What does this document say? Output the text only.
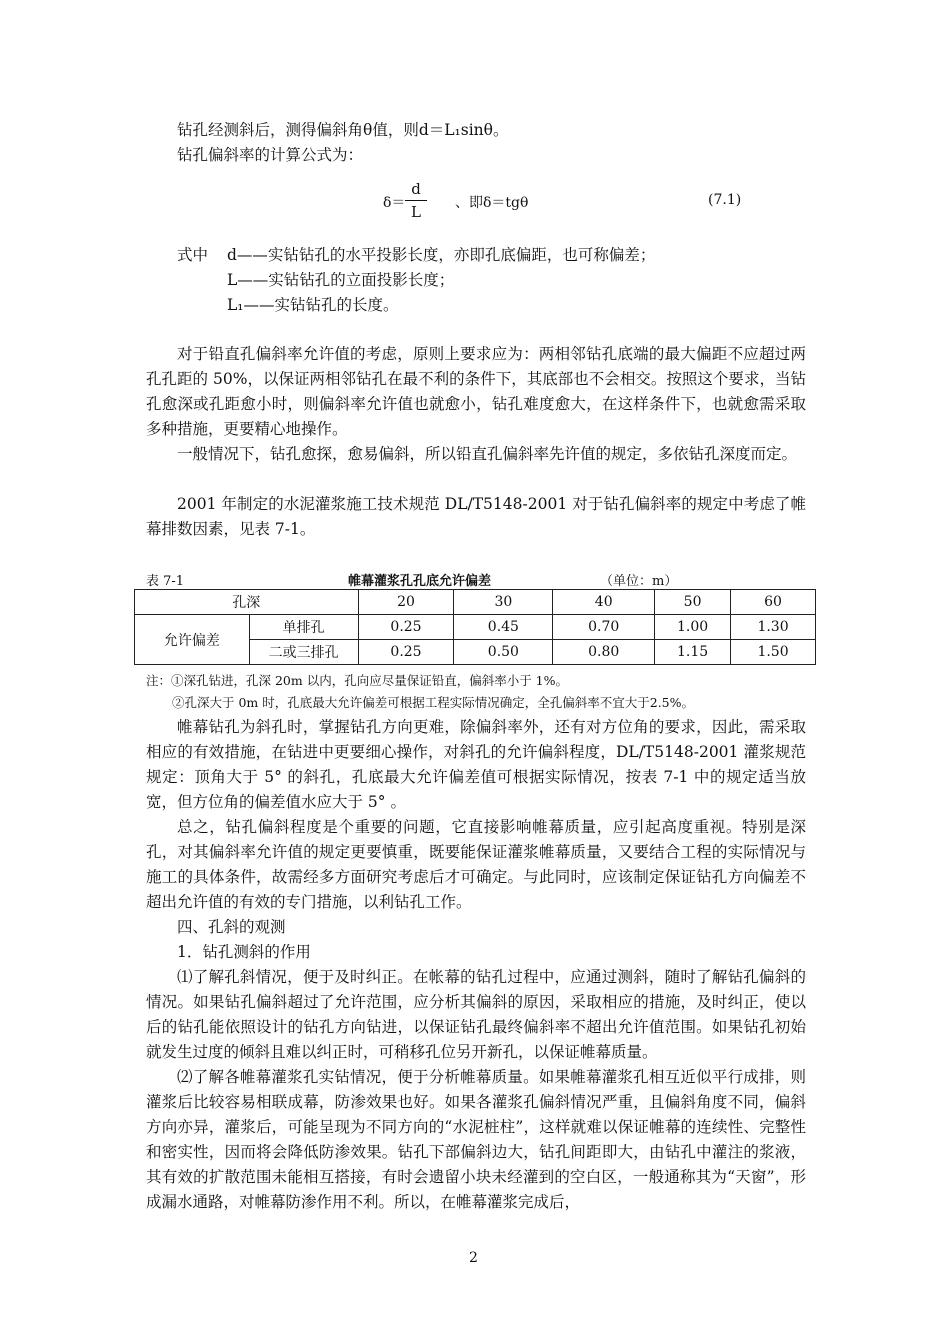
钻孔经测斜后，测得偏斜角θ值，则d＝L₁sinθ。
钻孔偏斜率的计算公式为：
δ＝
d
L	、即δ＝tgθ	(7.1)
式中 d——实钻钻孔的水平投影长度，亦即孔底偏距，也可称偏差；
L——实钻钻孔的立面投影长度；
L₁——实钻钻孔的长度。
对于铅直孔偏斜率允许值的考虑，原则上要求应为：两相邻钻孔底端的最大偏距不应超过两孔孔距的 50%，以保证两相邻钻孔在最不利的条件下，其底部也不会相交。按照这个要求，当钻孔愈深或孔距愈小时，则偏斜率允许值也就愈小，钻孔难度愈大，在这样条件下，也就愈需采取多种措施，更要精心地操作。
一般情况下，钻孔愈探，愈易偏斜，所以铅直孔偏斜率先许值的规定，多依钻孔深度而定。
2001 年制定的水泥灌浆施工技术规范 DL/T5148-2001 对于钻孔偏斜率的规定中考虑了帷幕排数因素，见表 7-1。
表 7-1	帷幕灌浆孔孔底允许偏差	（单位：m）
孔深		20	30	40	50	60
允许偏差	单排孔	0.25	0.45	0.70	1.00	1.30
	二或三排孔	0.25	0.50	0.80	1.15	1.50
注：①深孔钻进，孔深 20m 以内，孔向应尽量保证铅直，偏斜率小于 1%。
②孔深大于 0m 时，孔底最大允许偏差可根据工程实际情况确定，全孔偏斜率不宜大于2.5%。
帷幕钻孔为斜孔时，掌握钻孔方向更难，除偏斜率外，还有对方位角的要求，因此，需采取相应的有效措施，在钻进中更要细心操作，对斜孔的允许偏斜程度，DL/T5148-2001 灌浆规范规定：顶角大于 5° 的斜孔，孔底最大允许偏差值可根据实际情况，按表 7-1 中的规定适当放宽，但方位角的偏差值水应大于 5° 。
总之，钻孔偏斜程度是个重要的问题，它直接影响帷幕质量，应引起高度重视。特别是深孔，对其偏斜率允许值的规定更要慎重，既要能保证灌浆帷幕质量，又要结合工程的实际情况与施工的具体条件，故需经多方面研究考虑后才可确定。与此同时，应该制定保证钻孔方向偏差不超出允许值的有效的专门措施，以利钻孔工作。
四、孔斜的观测
1．钻孔测斜的作用
⑴了解孔斜情况，便于及时纠正。在帐幕的钻孔过程中，应通过测斜，随时了解钻孔偏斜的情况。如果钻孔偏斜超过了允许范围，应分析其偏斜的原因，采取相应的措施，及时纠正，使以后的钻孔能依照设计的钻孔方向钻进，以保证钻孔最终偏斜率不超出允许值范围。如果钻孔初始就发生过度的倾斜且难以纠正时，可稍移孔位另开新孔，以保证帷幕质量。
⑵了解各帷幕灌浆孔实钻情况，便于分析帷幕质量。如果帷幕灌浆孔相互近似平行成排，则灌浆后比较容易相联成幕，防渗效果也好。如果各灌浆孔偏斜情况严重，且偏斜角度不同，偏斜方向亦异，灌浆后，可能呈现为不同方向的“水泥桩柱”，这样就难以保证帷幕的连续性、完整性和密实性，因而将会降低防渗效果。钻孔下部偏斜边大，钻孔间距即大，由钻孔中灌注的浆液，其有效的扩散范围未能相互搭接，有时会遗留小块未经灌到的空白区，一般通称其为“天窗”，形成漏水通路，对帷幕防渗作用不利。所以，在帷幕灌浆完成后，
2
